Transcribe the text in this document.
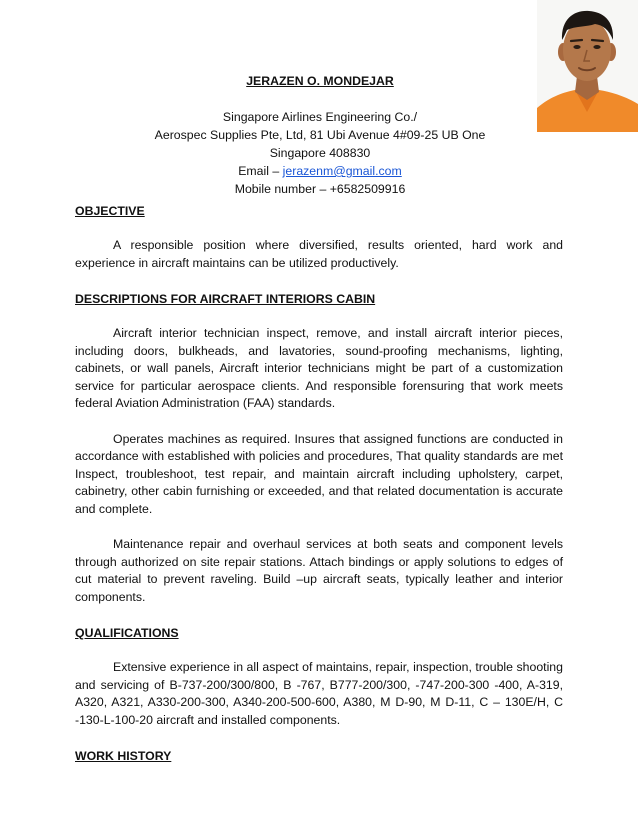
JERAZEN O. MONDEJAR
Singapore Airlines Engineering Co./
Aerospec Supplies Pte, Ltd, 81 Ubi Avenue 4#09-25 UB One
Singapore 408830
Email – jerazenm@gmail.com
Mobile number – +6582509916
OBJECTIVE

A responsible position where diversified, results oriented, hard work and experience in aircraft maintains can be utilized productively.

DESCRIPTIONS FOR AIRCRAFT INTERIORS CABIN

Aircraft interior technician inspect, remove, and install aircraft interior pieces, including doors, bulkheads, and lavatories, sound-proofing mechanisms, lighting, cabinets, or wall panels, Aircraft interior technicians might be part of a customization service for particular aerospace clients. And responsible forensuring that work meets federal Aviation Administration (FAA) standards.

Operates machines as required. Insures that assigned functions are conducted in accordance with established with policies and procedures, That quality standards are met Inspect, troubleshoot, test repair, and maintain aircraft including upholstery, carpet, cabinetry, other cabin furnishing or exceeded, and that related documentation is accurate and complete.

Maintenance repair and overhaul services at both seats and component levels through authorized on site repair stations. Attach bindings or apply solutions to edges of cut material to prevent raveling. Build –up aircraft seats, typically leather and interior components.

QUALIFICATIONS

Extensive experience in all aspect of maintains, repair, inspection, trouble shooting and servicing of B-737-200/300/800, B -767, B777-200/300, -747-200-300 -400, A-319, A320, A321, A330-200-300, A340-200-500-600, A380, M D-90, M D-11, C – 130E/H, C -130-L-100-20 aircraft and installed components.

WORK HISTORY
